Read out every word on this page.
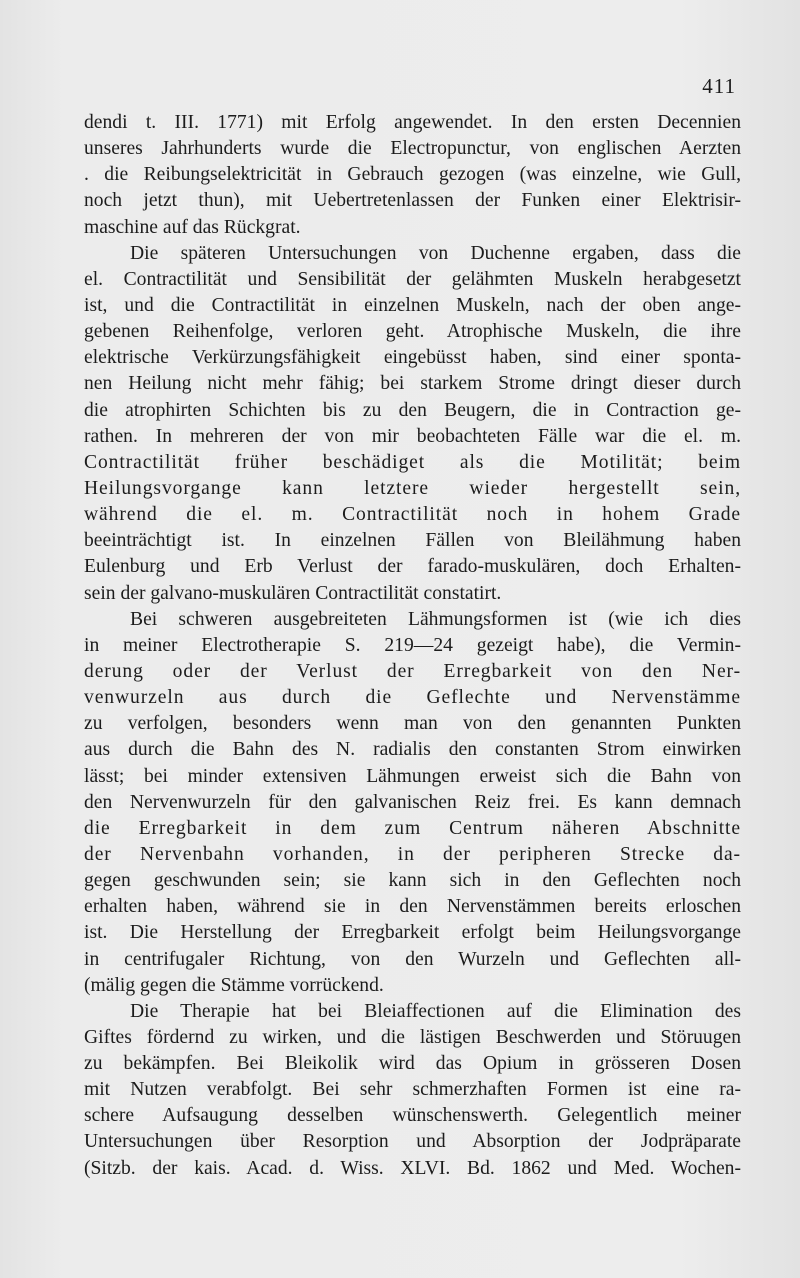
411
dendi t. III. 1771) mit Erfolg angewendet. In den ersten Decennien
unseres Jahrhunderts wurde die Electropunctur, von englischen Aerzten
. die Reibungselektricität in Gebrauch gezogen (was einzelne, wie Gull,
noch jetzt thun), mit Uebertretenlassen der Funken einer Elektrisir-
maschine auf das Rückgrat.
Die späteren Untersuchungen von Duchenne ergaben, dass die
el. Contractilität und Sensibilität der gelähmten Muskeln herabgesetzt
ist, und die Contractilität in einzelnen Muskeln, nach der oben ange-
gebenen Reihenfolge, verloren geht. Atrophische Muskeln, die ihre
elektrische Verkürzungsfähigkeit eingebüsst haben, sind einer sponta-
nen Heilung nicht mehr fähig; bei starkem Strome dringt dieser durch
die atrophirten Schichten bis zu den Beugern, die in Contraction ge-
rathen. In mehreren der von mir beobachteten Fälle war die el. m.
Contractilität früher beschädiget als die Motilität; beim
Heilungsvorgange kann letztere wieder hergestellt sein,
während die el. m. Contractilität noch in hohem Grade
beeinträchtigt ist. In einzelnen Fällen von Bleilähmung haben
Eulenburg und Erb Verlust der farado-muskulären, doch Erhalten-
sein der galvano-muskulären Contractilität constatirt.
Bei schweren ausgebreiteten Lähmungsformen ist (wie ich dies
in meiner Electrotherapie S. 219—24 gezeigt habe), die Vermin-
derung oder der Verlust der Erregbarkeit von den Ner-
venwurzeln aus durch die Geflechte und Nervenstämme
zu verfolgen, besonders wenn man von den genannten Punkten
aus durch die Bahn des N. radialis den constanten Strom einwirken
lässt; bei minder extensiven Lähmungen erweist sich die Bahn von
den Nervenwurzeln für den galvanischen Reiz frei. Es kann demnach
die Erregbarkeit in dem zum Centrum näheren Abschnitte
der Nervenbahn vorhanden, in der peripheren Strecke da-
gegen geschwunden sein; sie kann sich in den Geflechten noch
erhalten haben, während sie in den Nervenstämmen bereits erloschen
ist. Die Herstellung der Erregbarkeit erfolgt beim Heilungsvorgange
in centrifugaler Richtung, von den Wurzeln und Geflechten all-
(mälig gegen die Stämme vorrückend.
Die Therapie hat bei Bleiaffectionen auf die Elimination des
Giftes fördernd zu wirken, und die lästigen Beschwerden und Störuugen
zu bekämpfen. Bei Bleikolik wird das Opium in grösseren Dosen
mit Nutzen verabfolgt. Bei sehr schmerzhaften Formen ist eine ra-
schere Aufsaugung desselben wünschenswerth. Gelegentlich meiner
Untersuchungen über Resorption und Absorption der Jodpräparate
(Sitzb. der kais. Acad. d. Wiss. XLVI. Bd. 1862 und Med. Wochen-
